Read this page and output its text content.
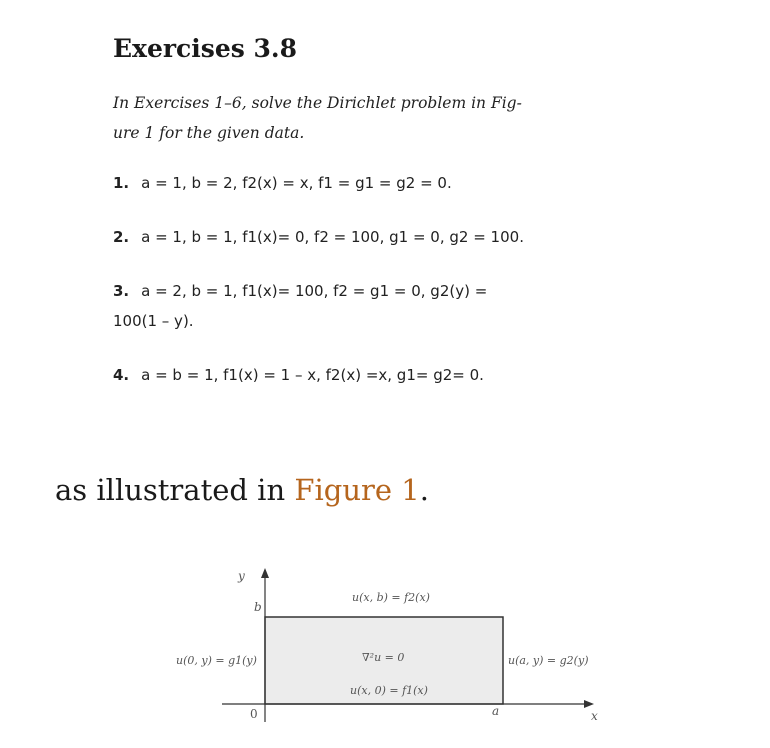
Exercises 3.8
In Exercises 1–6, solve the Dirichlet problem in Fig- ure 1 for the given data.
1. a = 1, b = 2, f2(x) = x, f1 = g1 = g2 = 0.
2. a = 1, b = 1, f1(x)= 0, f2 = 100, g1 = 0, g2 = 100.
3. a = 2, b = 1, f1(x)= 100, f2 = g1 = 0, g2(y) = 100(1 – y).
4. a = b = 1, f1(x) = 1 – x, f2(x) =x, g1= g2= 0.
as illustrated in Figure 1.
y
x
b
a
0
u(x, b) = f2(x)
u(0, y) = g1(y)	u(a, y) = g2(y)
∇²u = 0
u(x, 0) = f1(x)
